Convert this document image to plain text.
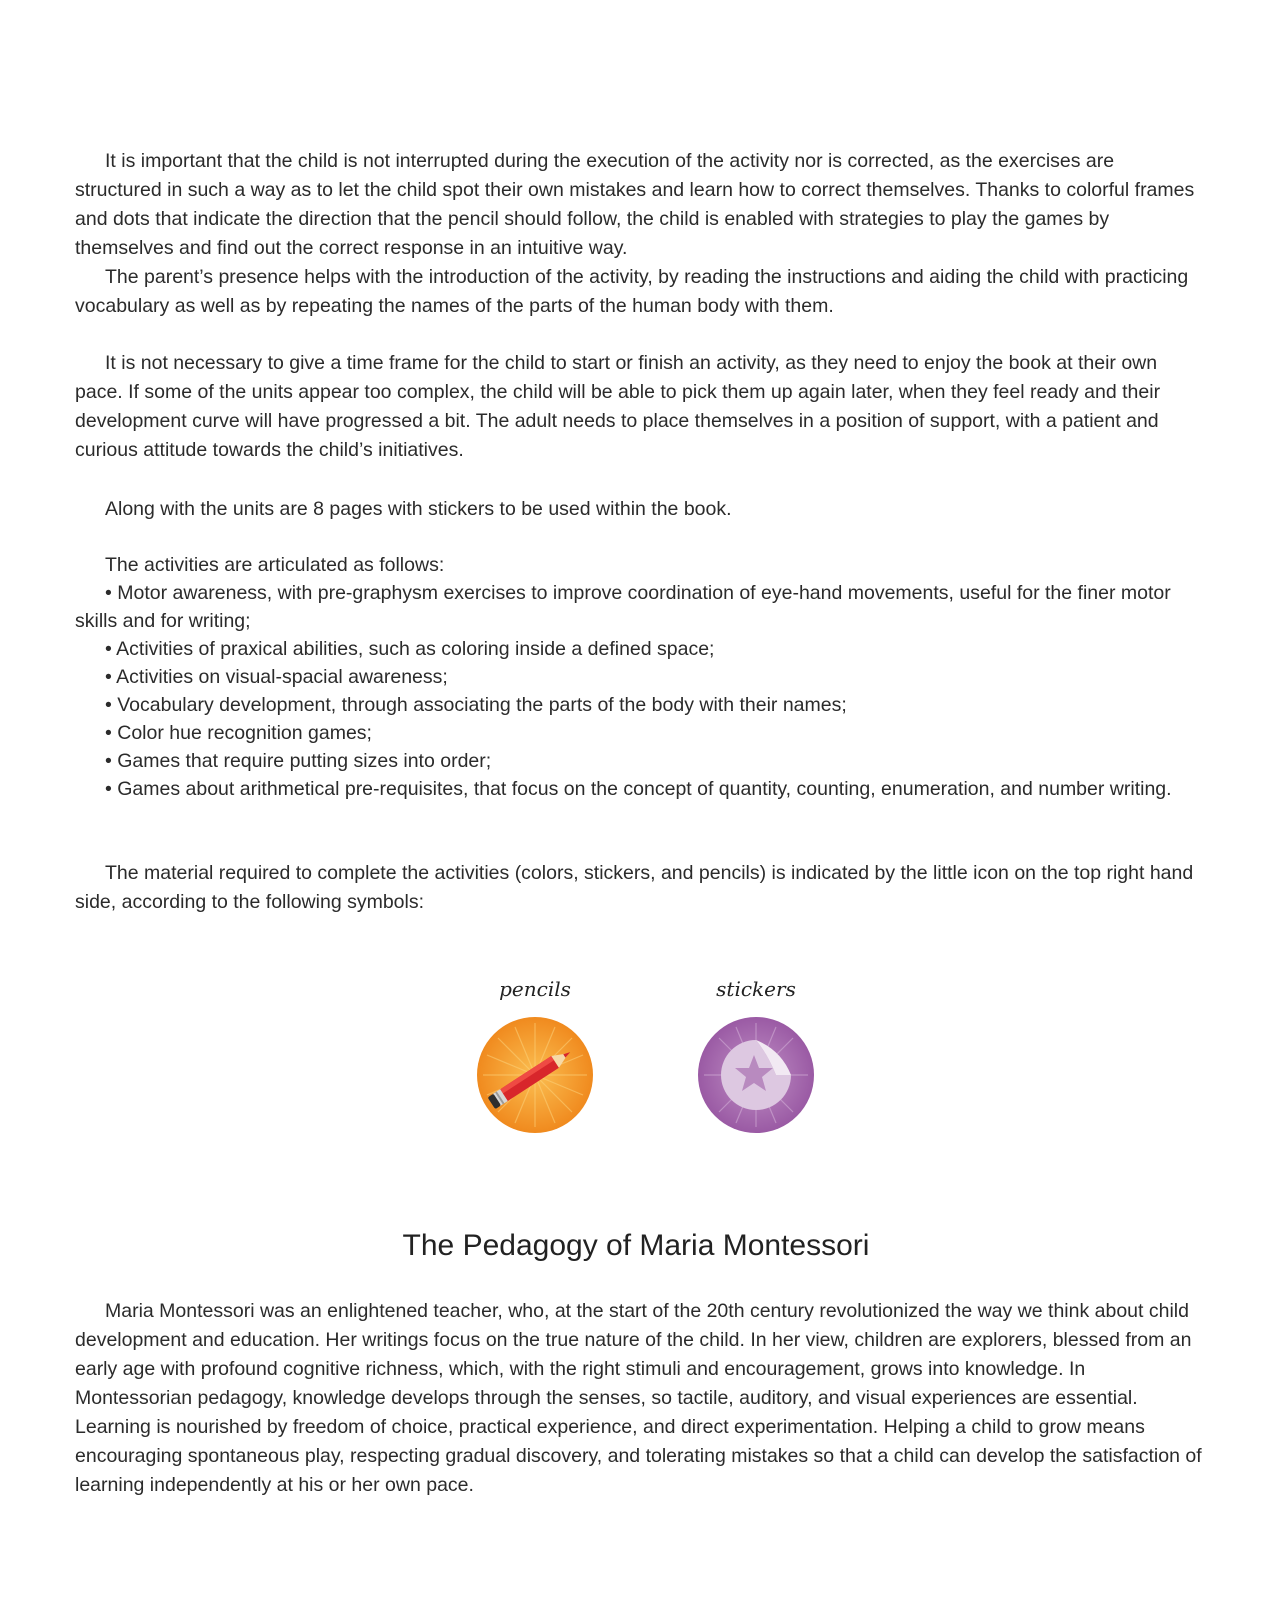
It is important that the child is not interrupted during the execution of the activity nor is corrected, as the exercises are structured in such a way as to let the child spot their own mistakes and learn how to correct themselves. Thanks to colorful frames and dots that indicate the direction that the pencil should follow, the child is enabled with strategies to play the games by themselves and find out the correct response in an intuitive way.

The parent’s presence helps with the introduction of the activity, by reading the instructions and aiding the child with practicing vocabulary as well as by repeating the names of the parts of the human body with them.

It is not necessary to give a time frame for the child to start or finish an activity, as they need to enjoy the book at their own pace. If some of the units appear too complex, the child will be able to pick them up again later, when they feel ready and their development curve will have progressed a bit. The adult needs to place themselves in a position of support, with a patient and curious attitude towards the child’s initiatives.

Along with the units are 8 pages with stickers to be used within the book.

The activities are articulated as follows:

• Motor awareness, with pre-graphysm exercises to improve coordination of eye-hand movements, useful for the finer motor skills and for writing;

• Activities of praxical abilities, such as coloring inside a defined space;

• Activities on visual-spacial awareness;

• Vocabulary development, through associating the parts of the body with their names;

• Color hue recognition games;

• Games that require putting sizes into order;

• Games about arithmetical pre-requisites, that focus on the concept of quantity, counting, enumeration, and number writing.

The material required to complete the activities (colors, stickers, and pencils) is indicated by the little icon on the top right hand side, according to the following symbols:

pencils	stickers
The Pedagogy of Maria Montessori

Maria Montessori was an enlightened teacher, who, at the start of the 20th century revolutionized the way we think about child development and education. Her writings focus on the true nature of the child. In her view, children are explorers, blessed from an early age with profound cognitive richness, which, with the right stimuli and encouragement, grows into knowledge. In Montessorian pedagogy, knowledge develops through the senses, so tactile, auditory, and visual experiences are essential. Learning is nourished by freedom of choice, practical experience, and direct experimentation. Helping a child to grow means encouraging spontaneous play, respecting gradual discovery, and tolerating mistakes so that a child can develop the satisfaction of learning independently at his or her own pace.
